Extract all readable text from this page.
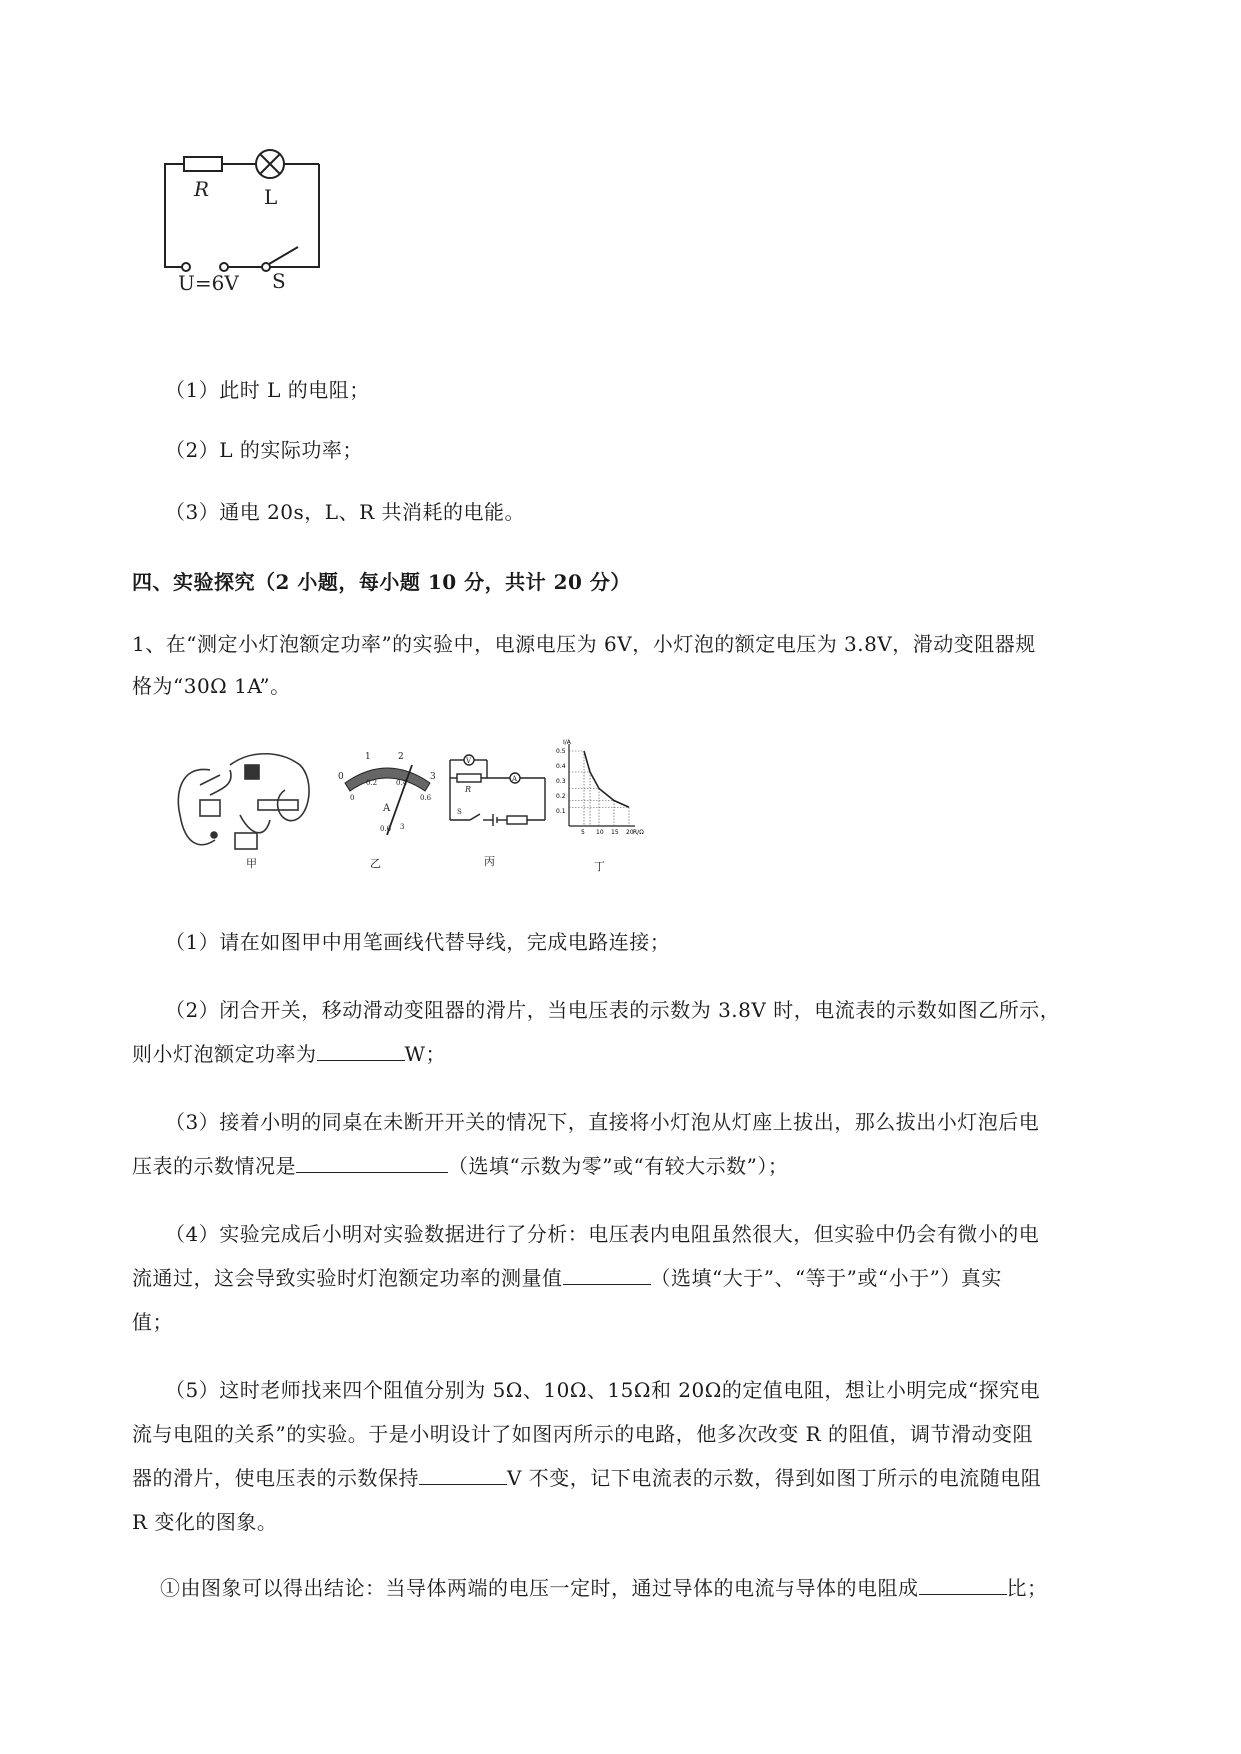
R	L
U=6V S
（1）此时 L 的电阻；
（2）L 的实际功率；
（3）通电 20s，L、R 共消耗的电能。
四、实验探究（2 小题，每小题 10 分，共计 20 分）
1、在“测定小灯泡额定功率”的实验中，电源电压为 6V，小灯泡的额定电压为 3.8V，滑动变阻器规
格为“30Ω 1A”。
甲
0
1	2
3
0
0.2	0.4
0.6
A
0.6 3
乙
V
A
R
S
丙
0.5
0.4
0.3
0.2
0.1
5 10 15 20
I/A
R/Ω
丁
（1）请在如图甲中用笔画线代替导线，完成电路连接；
（2）闭合开关，移动滑动变阻器的滑片，当电压表的示数为 3.8V 时，电流表的示数如图乙所示，
则小灯泡额定功率为	W；
（3）接着小明的同桌在未断开开关的情况下，直接将小灯泡从灯座上拔出，那么拔出小灯泡后电
压表的示数情况是	（选填“示数为零”或“有较大示数”）；
（4）实验完成后小明对实验数据进行了分析：电压表内电阻虽然很大，但实验中仍会有微小的电
流通过，这会导致实验时灯泡额定功率的测量值	（选填“大于”、“等于”或“小于”）真实
值；
（5）这时老师找来四个阻值分别为 5Ω、10Ω、15Ω和 20Ω的定值电阻，想让小明完成“探究电
流与电阻的关系”的实验。于是小明设计了如图丙所示的电路，他多次改变 R 的阻值，调节滑动变阻
器的滑片，使电压表的示数保持	V 不变，记下电流表的示数，得到如图丁所示的电流随电阻
R 变化的图象。
①由图象可以得出结论：当导体两端的电压一定时，通过导体的电流与导体的电阻成	比；
